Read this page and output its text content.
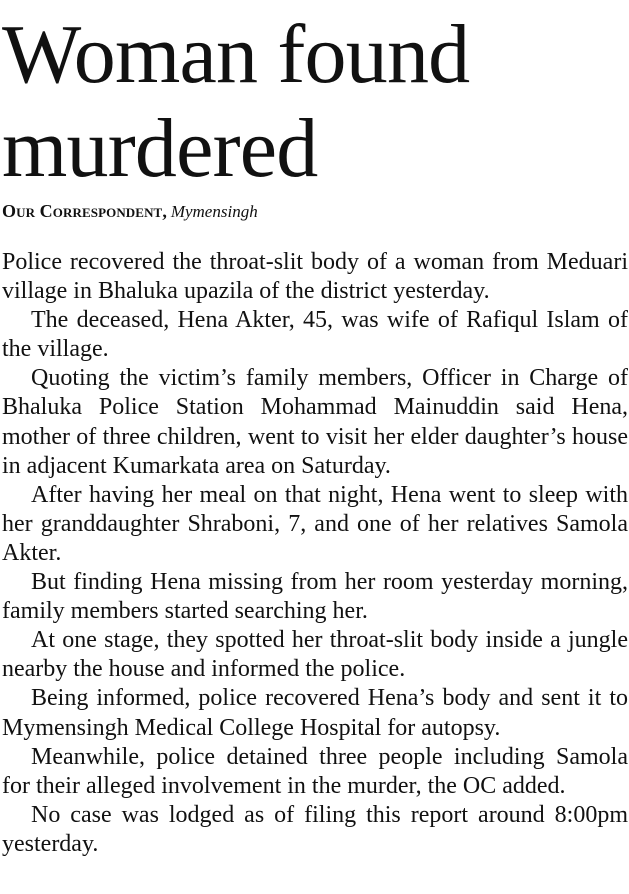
Woman found murdered
Our Correspondent, Mymensingh

Police recovered the throat-slit body of a woman from Meduari village in Bhaluka upazila of the district yesterday.

The deceased, Hena Akter, 45, was wife of Rafiqul Islam of the village.

Quoting the victim’s family members, Officer in Charge of Bhaluka Police Station Mohammad Mainuddin said Hena, mother of three children, went to visit her elder daughter’s house in adjacent Kumarkata area on Saturday.

After having her meal on that night, Hena went to sleep with her granddaughter Shraboni, 7, and one of her relatives Samola Akter.

But finding Hena missing from her room yesterday morning, family members started searching her.

At one stage, they spotted her throat-slit body inside a jungle nearby the house and informed the police.

Being informed, police recovered Hena’s body and sent it to Mymensingh Medical College Hospital for autopsy.

Meanwhile, police detained three people including Samola for their alleged involvement in the murder, the OC added.

No case was lodged as of filing this report around 8:00pm yesterday.
